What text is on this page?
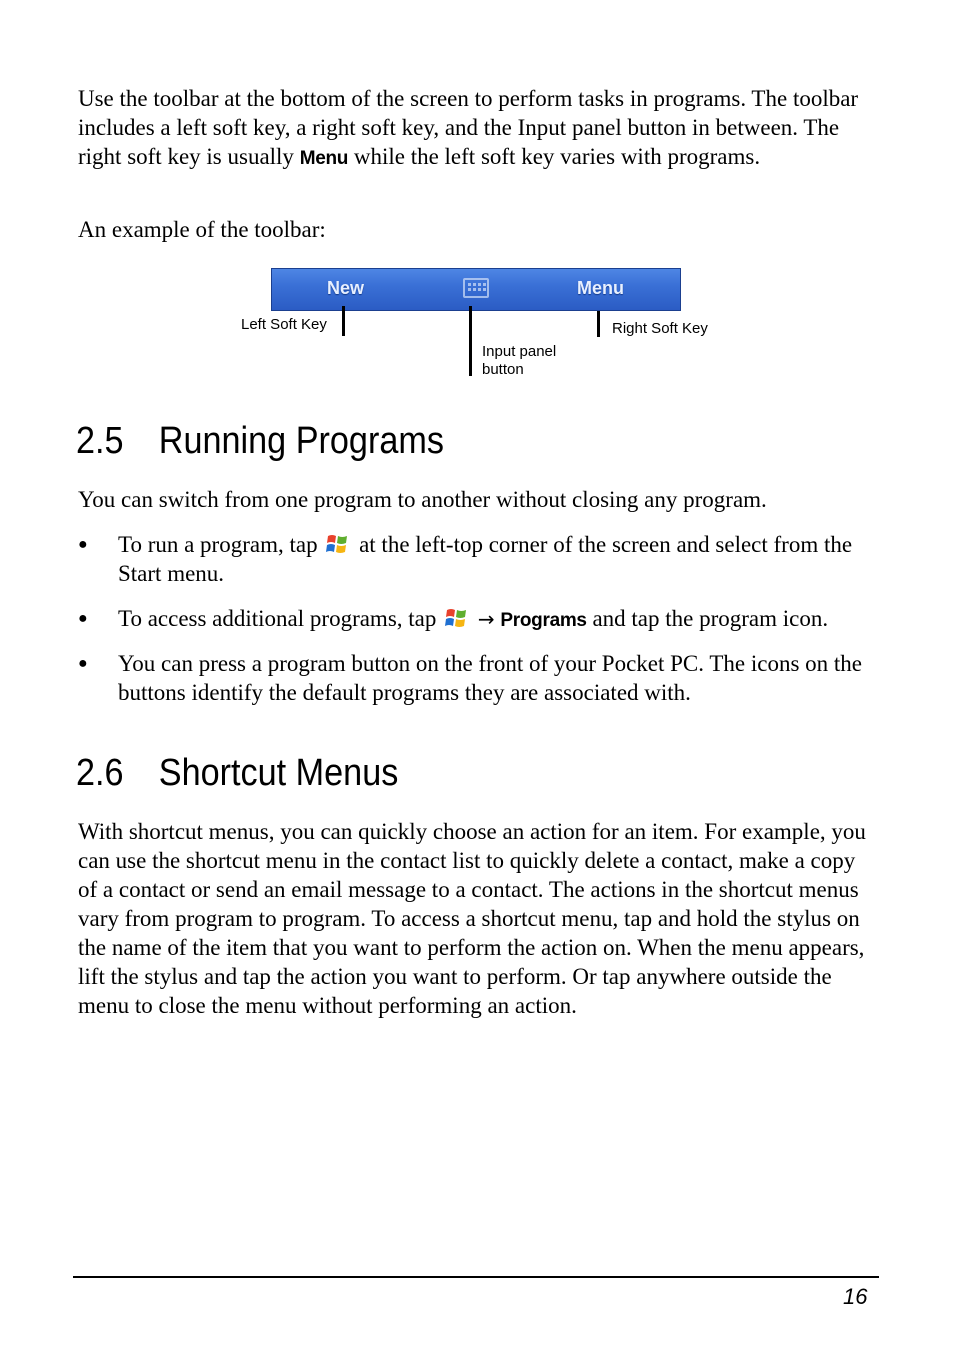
Use the toolbar at the bottom of the screen to perform tasks in programs. The toolbar includes a left soft key, a right soft key, and the Input panel button in between. The right soft key is usually Menu while the left soft key varies with programs.

An example of the toolbar:

New	Menu
Left Soft Key
Input panel
button
Right Soft Key
2.5 Running Programs

You can switch from one program to another without closing any program.

● To run a program, tap  at the left-top corner of the screen and select from the Start menu.
● To access additional programs, tap  → Programs and tap the program icon.
● You can press a program button on the front of your Pocket PC. The icons on the buttons identify the default programs they are associated with.
2.6 Shortcut Menus

With shortcut menus, you can quickly choose an action for an item. For example, you can use the shortcut menu in the contact list to quickly delete a contact, make a copy of a contact or send an email message to a contact. The actions in the shortcut menus vary from program to program. To access a shortcut menu, tap and hold the stylus on the name of the item that you want to perform the action on. When the menu appears, lift the stylus and tap the action you want to perform. Or tap anywhere outside the menu to close the menu without performing an action.

16
